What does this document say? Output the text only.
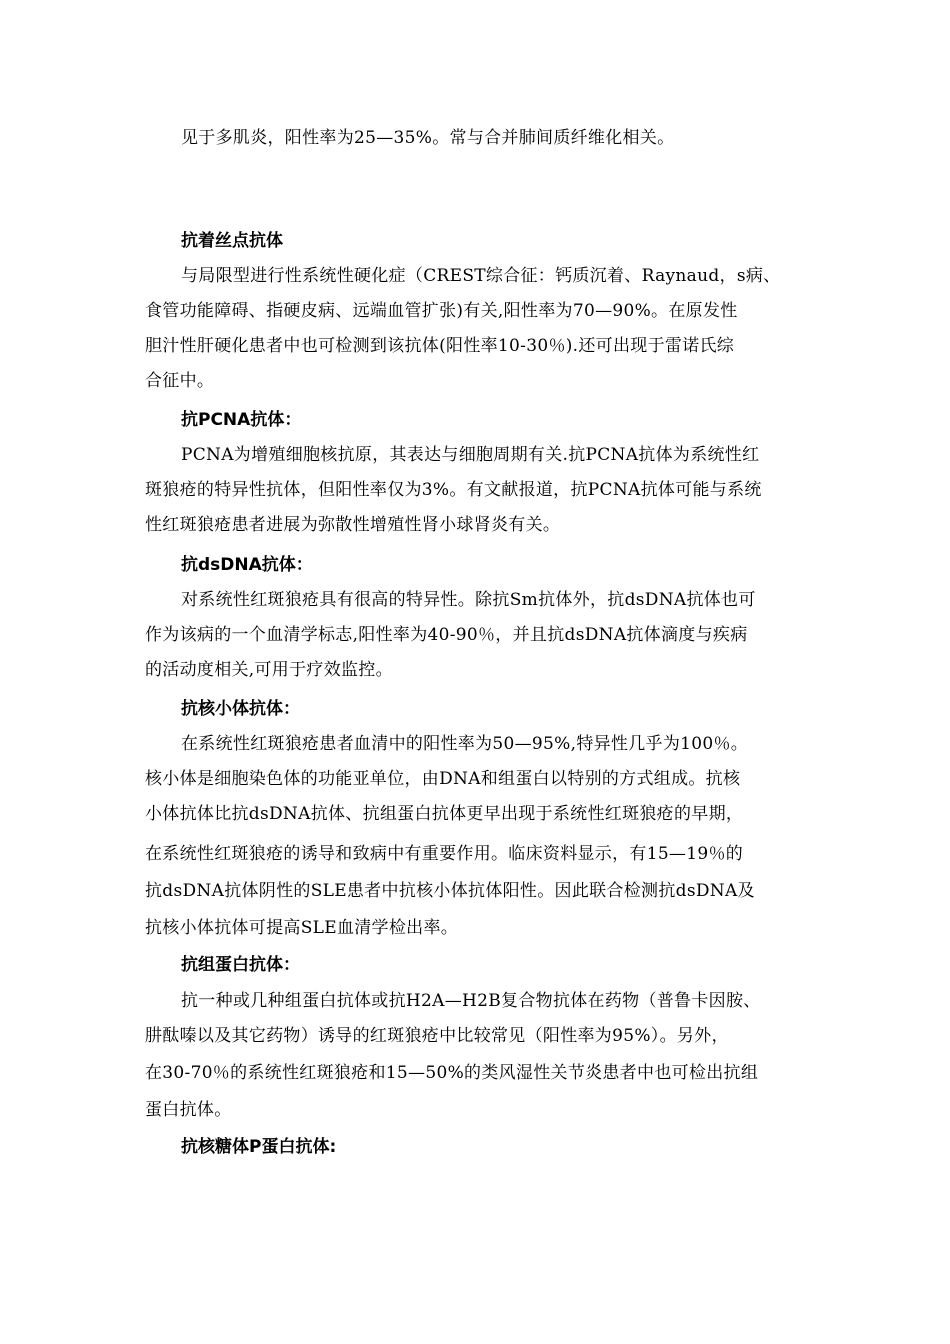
见于多肌炎，阳性率为25—35%。常与合并肺间质纤维化相关。
抗着丝点抗体
与局限型进行性系统性硬化症（CREST综合征：钙质沉着、Raynaud，s病、
食管功能障碍、指硬皮病、远端血管扩张)有关,阳性率为70—90%。在原发性
胆汁性肝硬化患者中也可检测到该抗体(阳性率10-30％).还可出现于雷诺氏综
合征中。
抗PCNA抗体：
PCNA为增殖细胞核抗原，其表达与细胞周期有关.抗PCNA抗体为系统性红
斑狼疮的特异性抗体，但阳性率仅为3%。有文献报道，抗PCNA抗体可能与系统
性红斑狼疮患者进展为弥散性增殖性肾小球肾炎有关。
抗dsDNA抗体：
对系统性红斑狼疮具有很高的特异性。除抗Sm抗体外，抗dsDNA抗体也可
作为该病的一个血清学标志,阳性率为40-90％，并且抗dsDNA抗体滴度与疾病
的活动度相关,可用于疗效监控。
抗核小体抗体：
在系统性红斑狼疮患者血清中的阳性率为50—95%,特异性几乎为100％。
核小体是细胞染色体的功能亚单位，由DNA和组蛋白以特别的方式组成。抗核
小体抗体比抗dsDNA抗体、抗组蛋白抗体更早出现于系统性红斑狼疮的早期，
在系统性红斑狼疮的诱导和致病中有重要作用。临床资料显示，有15—19％的
抗dsDNA抗体阴性的SLE患者中抗核小体抗体阳性。因此联合检测抗dsDNA及
抗核小体抗体可提高SLE血清学检出率。
抗组蛋白抗体：
抗一种或几种组蛋白抗体或抗H2A—H2B复合物抗体在药物（普鲁卡因胺、
肼酞嗪以及其它药物）诱导的红斑狼疮中比较常见（阳性率为95%）。另外，
在30-70％的系统性红斑狼疮和15—50%的类风湿性关节炎患者中也可检出抗组
蛋白抗体。
抗核糖体P蛋白抗体:
